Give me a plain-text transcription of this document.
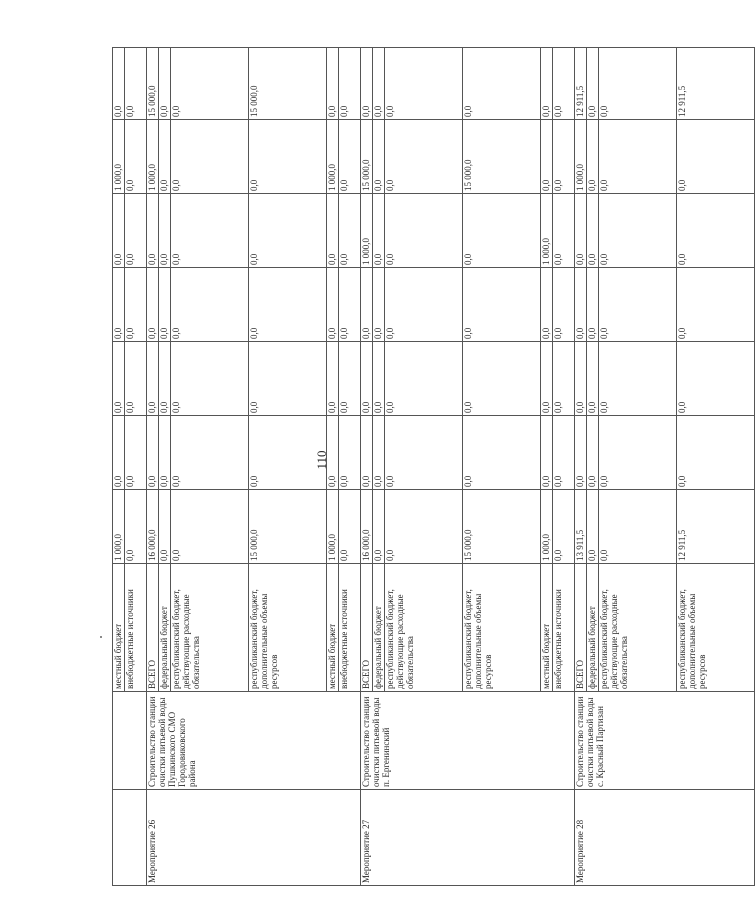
110
		местный бюджет	1 000,0	0,0	0,0	0,0	0,0	1 000,0	0,0
		внебюджетные источники	0,0	0,0	0,0	0,0	0,0	0,0	0,0
Мероприятие 26	Строительство станции очистки питьевой воды Пушкинского СМО Городовиковского района	ВСЕГО	16 000,0	0,0	0,0	0,0	0,0	1 000,0	15 000,0
		федеральный бюджет	0,0	0,0	0,0	0,0	0,0	0,0	0,0
		республиканский бюджет, действующие расходные обязательства	0,0	0,0	0,0	0,0	0,0	0,0	0,0
		республиканский бюджет, дополнительные объемы ресурсов	15 000,0	0,0	0,0	0,0	0,0	0,0	15 000,0
		местный бюджет	1 000,0	0,0	0,0	0,0	0,0	1 000,0	0,0
		внебюджетные источники	0,0	0,0	0,0	0,0	0,0	0,0	0,0
Мероприятие 27	Строительство станции очистки питьевой воды п. Ергенинский	ВСЕГО	16 000,0	0,0	0,0	0,0	1 000,0	15 000,0	0,0
		федеральный бюджет	0,0	0,0	0,0	0,0	0,0	0,0	0,0
		республиканский бюджет, действующие расходные обязательства	0,0	0,0	0,0	0,0	0,0	0,0	0,0
		республиканский бюджет, дополнительные объемы ресурсов	15 000,0	0,0	0,0	0,0	0,0	15 000,0	0,0
		местный бюджет	1 000,0	0,0	0,0	0,0	1 000,0	0,0	0,0
		внебюджетные источники	0,0	0,0	0,0	0,0	0,0	0,0	0,0
Мероприятие 28	Строительство станции очистки питьевой воды с. Красный Партизан	ВСЕГО	13 911,5	0,0	0,0	0,0	0,0	1 000,0	12 911,5
		федеральный бюджет	0,0	0,0	0,0	0,0	0,0	0,0	0,0
		республиканский бюджет, действующие расходные обязательства	0,0	0,0	0,0	0,0	0,0	0,0	0,0
		республиканский бюджет, дополнительные объемы ресурсов	12 911,5	0,0	0,0	0,0	0,0	0,0	12 911,5
